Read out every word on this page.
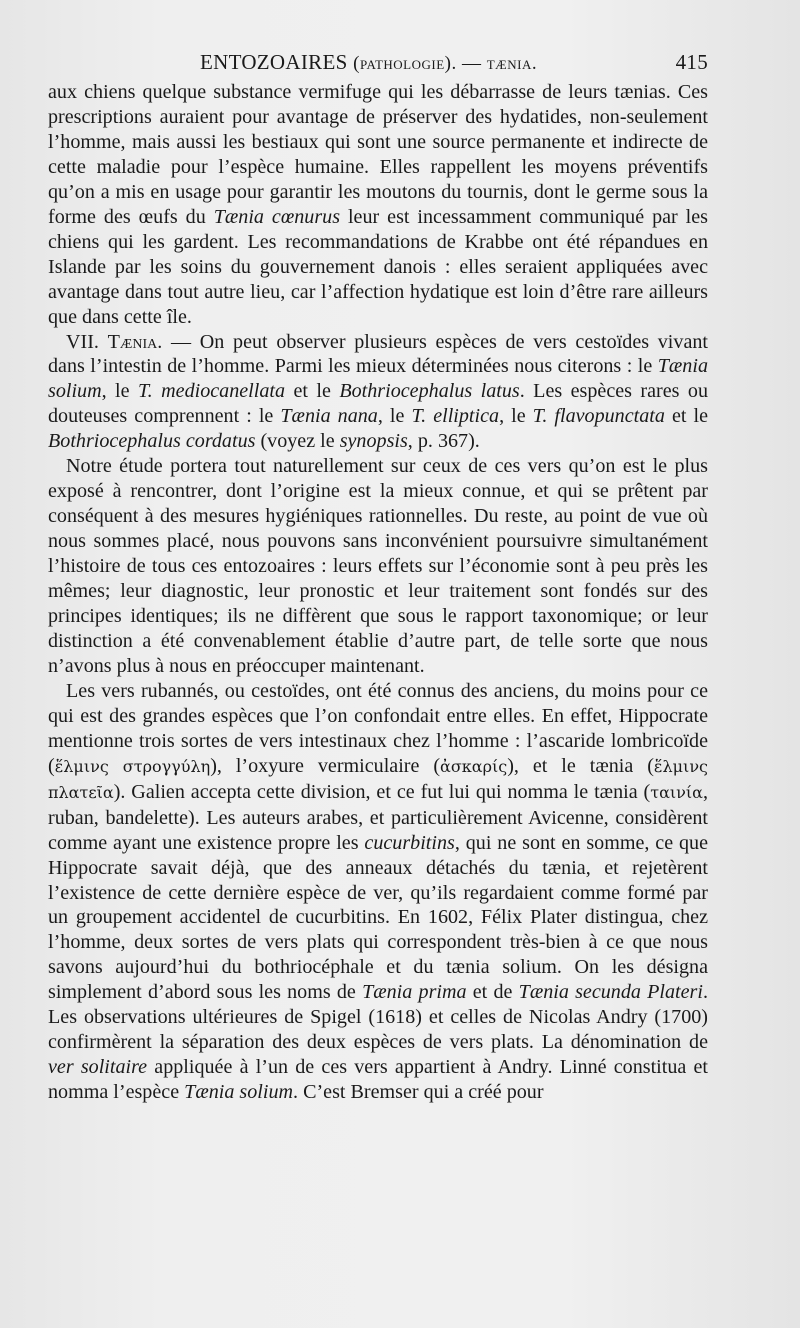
ENTOZOAIRES (pathologie). — tænia.	415

aux chiens quelque substance vermifuge qui les débarrasse de leurs tænias. Ces prescriptions auraient pour avantage de préserver des hydatides, non-seulement l’homme, mais aussi les bestiaux qui sont une source permanente et indirecte de cette maladie pour l’espèce humaine. Elles rappellent les moyens préventifs qu’on a mis en usage pour garantir les moutons du tournis, dont le germe sous la forme des œufs du Tænia cœnurus leur est incessamment communiqué par les chiens qui les gardent. Les recommandations de Krabbe ont été répandues en Islande par les soins du gouvernement danois : elles seraient appliquées avec avantage dans tout autre lieu, car l’affection hydatique est loin d’être rare ailleurs que dans cette île.

VII. Tænia. — On peut observer plusieurs espèces de vers cestoïdes vivant dans l’intestin de l’homme. Parmi les mieux déterminées nous citerons : le Tænia solium, le T. mediocanellata et le Bothriocephalus latus. Les espèces rares ou douteuses comprennent : le Tænia nana, le T. elliptica, le T. flavopunctata et le Bothriocephalus cordatus (voyez le synopsis, p. 367).

Notre étude portera tout naturellement sur ceux de ces vers qu’on est le plus exposé à rencontrer, dont l’origine est la mieux connue, et qui se prêtent par conséquent à des mesures hygiéniques rationnelles. Du reste, au point de vue où nous sommes placé, nous pouvons sans inconvénient poursuivre simultanément l’histoire de tous ces entozoaires : leurs effets sur l’économie sont à peu près les mêmes; leur diagnostic, leur pronostic et leur traitement sont fondés sur des principes identiques; ils ne diffèrent que sous le rapport taxonomique; or leur distinction a été convenablement établie d’autre part, de telle sorte que nous n’avons plus à nous en préoccuper maintenant.

Les vers rubannés, ou cestoïdes, ont été connus des anciens, du moins pour ce qui est des grandes espèces que l’on confondait entre elles. En effet, Hippocrate mentionne trois sortes de vers intestinaux chez l’homme : l’ascaride lombricoïde (ἕλμινς στρογγύλη), l’oxyure vermiculaire (ἀσκαρίς), et le tænia (ἕλμινς πλατεῖα). Galien accepta cette division, et ce fut lui qui nomma le tænia (ταινία, ruban, bandelette). Les auteurs arabes, et particulièrement Avicenne, considèrent comme ayant une existence propre les cucurbitins, qui ne sont en somme, ce que Hippocrate savait déjà, que des anneaux détachés du tænia, et rejetèrent l’existence de cette dernière espèce de ver, qu’ils regardaient comme formé par un groupement accidentel de cucurbitins. En 1602, Félix Plater distingua, chez l’homme, deux sortes de vers plats qui correspondent très-bien à ce que nous savons aujourd’hui du bothriocéphale et du tænia solium. On les désigna simplement d’abord sous les noms de Tænia prima et de Tænia secunda Plateri. Les observations ultérieures de Spigel (1618) et celles de Nicolas Andry (1700) confirmèrent la séparation des deux espèces de vers plats. La dénomination de ver solitaire appliquée à l’un de ces vers appartient à Andry. Linné constitua et nomma l’espèce Tænia solium. C’est Bremser qui a créé pour
